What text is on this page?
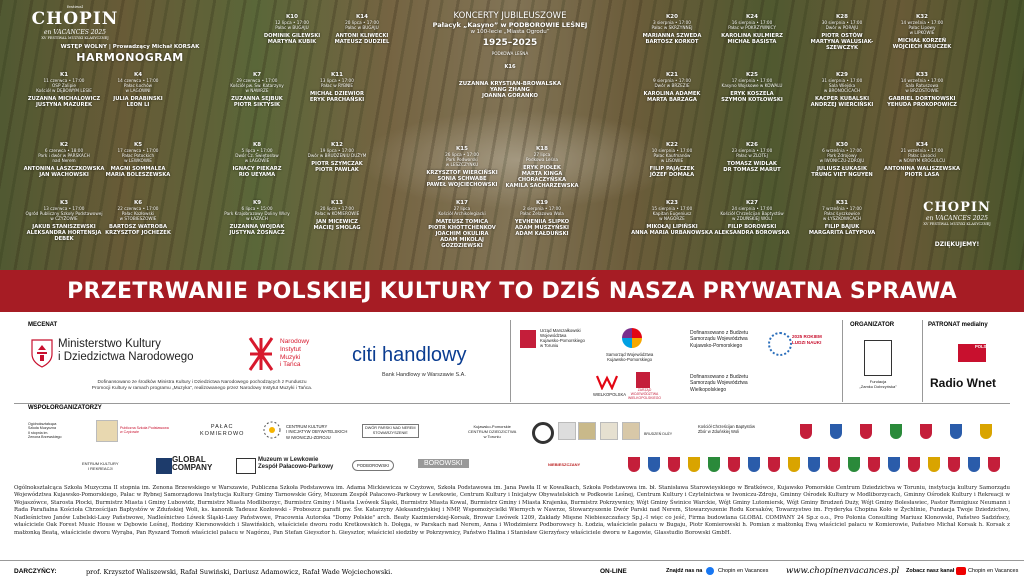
festiwal
CHOPIN
en VACANCES 2025
XV FESTIWAL MUZYKI KLASYCZNEJ
WSTĘP WOLNY | Prowadzący Michał KORSAK
HARMONOGRAM
KONCERTY JUBILEUSZOWE
Pałacyk „Kasyno” w PODBOROWIE LEŚNEJ
w 100-lecie „Miasta Ogrodu”
1925–2025
PODKOWA LEŚNA
K16
ZUZANNA KRYSTIAN-BROWALSKA
YANG ZHANG
JOANNA GORANKO
K1
11 czerwca • 17:00
OSP Zalipie
Kościół w DĘBOWYM LESIE
ZUZANNA MICHALOWICZ
JUSTYNA MAZUREK
K2
6 czerwca • 18:00
Park i dwór w PARSKACH
nad Nerem
ANTONINA LASZCZKOWSKA
JAN WACHOWSKI
K3
13 czerwca • 17:00
Ogród Publiczny Szkoły Podstawowej
w CZYŻOWIE
JAKUB STANISZEWSKI
ALEKSANDRA HORTENSJA DEBEK
K4
14 czerwca • 17:00
Pałac Łochów
w LAGOWNI
JULIA DRABINSKI
LEON LI
K5
17 czerwca • 17:00
Pałac Potockich
w LEWKOWIE
MAGNI SOMMALEA
MARIA BOLESZEWSKA
K6
22 czerwca • 17:00
Pałac Kozłowski
w STOBIESZOWIE
BARTOSZ WATROBA
KRZYSZTOF JOCHEZEK
K7
29 czerwca • 17:00
Kościół pw. Św. Katarzyny
w NAWRZE
ZUZANNA SEJBUK
PIOTR SIKTYSIK
K8
5 lipca • 17:00
Dwór Cz. Świętosław
w LAGOWIE
IGNACY PIEKARZ
RIO UEYAMA
K9
6 lipca • 15:00
Park Krajobrazowy Doliny Wkry
w ŁAZACH
ZUZANNA WOJDAK
JUSTYNA ŻOSNACZ
K10
12 lipca • 17:00
Pałac w BUGAJU
DOMINIK GILEWSKI
MARTYNA KUBIK
K11
13 lipca • 17:00
Pałac w RYBNIE
MICHAŁ DZIEWIOR
ERYK PARCHAŃSKI
K12
19 lipca • 17:00
Dwór w BRUDZENIU DUŻYM
PIOTR SZYMCZAK
PIOTR PAWLAK
K13
20 lipca • 17:00
Pałac w KOMIEROWIE
JAN MICEWICZ
MACIEJ SMOLAG
K14
20 lipca • 17:00
Pałac w BUGAJU
ANTONI KLIWECKI
MATEUSZ DUDZIEL
K15
26 lipca • 17:00
Park Podworski
w LESZCZYNKU
KRZYSZTOF WIERCIŃSKI
SONIA SCHWABE
PAWEŁ WOJCIECHOWSKI
K17
27 lipca
Kościół Archikolegiacki
MATEUSZ TOMICA
PIOTR KHOTTCHENKOV
JOACHIM OKULIRA
ADAM MIKOLAJ GOZDZIEWSKI
K18
27 lipca
Podkowa Leśna
ERYK PIOŁEK
MARTA KINGA CHORACZYŃSKA
KAMILA SACHARZEWSKA
K19
2 sierpnia • 17:00
Pałac Żelazowa Wola
YEVHENIIA SLIPKO
ADAM MUSZYŃSKI
ADAM KAŁDUŃSKI
K20
3 sierpnia • 17:00
Pałac w SKRZYNNEJ
MARIANNA SZWEDA
BARTOSZ KORKOT
K21
9 sierpnia • 17:00
Dwór w BRZEZIE
KAROLINA ADAMEK
MARTA BARZAGA
K22
10 sierpnia • 17:00
Pałac Kaufmanów
w LISOWIE
FILIP PAJĄCZEK
JÓZEF DOMAŁA
K23
15 sierpnia • 17:00
Kapitan Eugeniusz
w NAGÓRZE
MIKOŁAJ LIPIŃSKI
ANNA MARIA URBANOWSKA
K24
16 sierpnia • 17:00
Pałac w POKRZYWNICY
KAROLINA KULMIERZ
MICHAŁ BASISTA
K25
17 sierpnia • 17:00
Kasyno Wojskowe w KOWALU
ERYK KOSZELA
SZYMON KOTŁOWSKI
K26
23 sierpnia • 17:00
Pałac w ZLOTEJ
TOMASZ WIDLAK
DR TOMASZ MARUT
K27
24 sierpnia • 17:00
Kościół Chrześcijan Baptystów
w ZDUŃSKIEJ WOLI
FILIP BOROWSKI
ALEKSANDRA BOROWSKA
K28
30 sierpnia • 17:00
Dwór w PORAJU
PIOTR OSTÓW
MARTYNA WALUSIAK-SZEWCZYK
K29
31 sierpnia • 17:00
Sala Wiejska
w BRONOCICACH
KACPER KUBALSKI
ANDRZEJ WIERCIŃSKI
K30
6 września • 17:00
Park Zdrojowy
w IWONICZU-ZDROJU
JULIUSZ ŁUKASIK
TRUNG VIET NGUYEN
K31
7 września • 17:00
Pałac Łyszkowice
w ŁYSZKOWICACH
FILIP BAJUK
MARGARITA LATYPOVA
K32
14 września • 17:00
Pałac Lipowy
w LIPKOWIE
MICHAŁ KORZEŃ
WOJCIECH KRUCZEK
K33
14 września • 17:00
Sala Ratuszowa
w BRZOSTOWIE
GABRIEL DORTNOWSKI
YEHUDA PROKOPOWICZ
K34
21 września • 17:00
Pałac Lasocki
w NOWYM KROGULCU
ANTONINA WALISZEWSKA
PIOTR LASA
CHOPIN
en VACANCES 2025
XV FESTIWAL MUZYKI KLASYCZNEJ
DZIĘKUJEMY!
PRZETRWANIE POLSKIEJ KULTURY TO DZIŚ NASZA PRYWATNA SPRAWA
MECENAT	ORGANIZATOR	PATRONAT medialny
Ministerstwo Kultury
i Dziedzictwa Narodowego
Narodowy
Instytut
Muzyki
i Tańca	citi handlowy
Bank Handlowy w Warszawie S.A.
Dofinansowano ze środków Ministra Kultury i Dziedzictwa Narodowego pochodzących z Funduszu
Promocji Kultury w ramach programu „Muzyka”, realizowanego przez Narodowy Instytut Muzyki i Tańca.
Urząd Marszałkowski
Województwa
Kujawsko-Pomorskiego
w Toruniu
Samorząd Województwa
Kujawsko-Pomorskiego
Dofinansowano z Budżetu
Samorządu Województwa
Kujawsko-Pomorskiego
WIELKOPOLSKA
ZARZĄD
WOJEWÓDZTWA
WIELKOPOLSKIEGO
Dofinansowano z Budżetu
Samorządu Województwa
Wielkopolskiego
2025 ROKIEM
LUDZI NAUKI
Fundacja
„Zamku Dobrzyńska”
POLSKIE RADIO
RDC
Radio Wnet
WSPÓŁORGANIZATORZY
Ogólnokształcąca
Szkoła Muzyczna
II stopnia im.
Zenona Brzewskiego
Publiczna Szkoła Podstawowa
w Czyżowie
PAŁAC
KOMIEROWO
CENTRUM KULTURY
I INICJATYW OBYWATELSKICH
W IWONICZU-ZDROJU
DWÓR PARSKI NAD NEREM
STOWARZYSZENIE
Kujawsko-Pomorskie
CENTRUM DZIEDZICTWA
w Toruniu	BRUDZEŃ DUŻY
Kościół Chrześcijan Baptystów
Zbór w Zduńskiej Woli
ENTRUM KULTURY
I REKREACJI
GLOBAL
COMPANY
Muzeum w Lewkowie
Zespół Pałacowo-Parkowy	PODBOROWSKI	BOROWSKI	NIEBIESZCZANY
Ogólnokształcąca Szkoła Muzyczna II stopnia im. Zenona Brzewskiego w Warszawie, Publiczna Szkoła Podstawowa im. Adama Mickiewicza w Czyżowe, Szkoła Podstawowa im. Jana Pawła II w Kowalkach, Szkoła Podstawowa im. bł. Stanisława Starowieyskiego w Bratkówce, Kujawsko Pomorskie Centrum Dziedzictwa w Toruniu, instytucja kultury Samorządu Województwa Kujawsko-Pomorskiego, Pałac w Rybnej Samorządowa Instytucja Kultury Gminy Tarnowskie Góry, Muzeum Zespół Pałacowo-Parkowy w Lewkowie, Centrum Kultury i Inicjatyw Obywatelskich w Podkowie Leśnej, Centrum Kultury i Czytelnictwa w Iwoniczu-Zdroju, Gminny Ośrodek Kultury w Modliborzycach, Gminny Ośrodek Kultury i Rekreacji w Wojaszówce, Starosta Płocki, Burmistrz Miasta i Gminy Lubowidz, Burmistrz Miasta Modliborzyc, Burmistrz Gminy i Miasta Lwówek Śląski, Burmistrz Miasta Kowal, Burmistrz Gminy i Miasta Krajenka, Burmistrz Pokrzywnicy, Wójt Gminy Świnice Warckie, Wójt Gminy Lutomiersk, Wójt Gminy Brudzeń Duży, Wójt Gminy Bolesławiec, Pastor Remigiusz Neumann i Rada Parafialna Kościoła Chrześcijan Baptystów w Zduńskiej Woli, ks. kanonik Tadeusz Kozłowski - Proboszcz parafii pw. Św. Katarzyny Aleksandryjskiej i NMP, Wspomożycielki Wiernych w Nawrze, Stowarzyszenie Dwór Parski nad Nerem, Stowarzyszenie Rodu Korsaków, Towarzystwo im. Fryderyka Chopina Koło w Żychlinie, Fundacja Twoje Dziedzictwo, Nadleśnictwo Janów Lubelski-Lasy Państwowe, Nadleśnictwo Lówek Śląski-Lasy Państwowe, Pracownia Autorska "Domy Polskie" arch. Beaty Kazimierskiej-Korsak, Browar Lwówek 1209, Zakłady Mięsne Niebieszczańscy Sp.j.-I więc co jeść, Firma budowlana GLOBAL COMPANY 24 Sp.z o.o., Pro Polonia Consulting Mariusz Klonowski, Państwo Sadzińscy, właściciele Oak Forest Music House w Dębowie Leśnej, Rodziny Kiersnowskich i Sławińskich, właściciele dworu rodu Kretkowskich h. Dołęga, w Parskach nad Nerem, Anna i Włodzimierz Podborowscy h. Łodzia, właściciele pałacu w Bugaju, Piotr Komierowski h. Pomian z małżonką Ewą właściciel pałacu w Komierowie, Państwo Michał Korsak h. Korsak z małżonką Beatą, właściciele dworu Wyrąba, Pan Ryszard Tomoń właściciel pałacu w Nagórzu, Pan Stefan Gieysztor h. Gieysztor, właściciel siedziby w Pokrzywnicy, Państwo Halina i Stanisław Gierzyńscy właściciele dworu w Łagowie, Glasstudio Borowski GmbH.
DARCZYŃCY:	prof. Krzysztof Waliszewski, Rafał Suwiński, Dariusz Adamowicz, Rafał Wade Wojciechowski.	ON-LINE	Znajdź nas na	Chopin en Vacances www.chopinenvacances.pl Zobacz nasz kanał Chopin en Vacances
